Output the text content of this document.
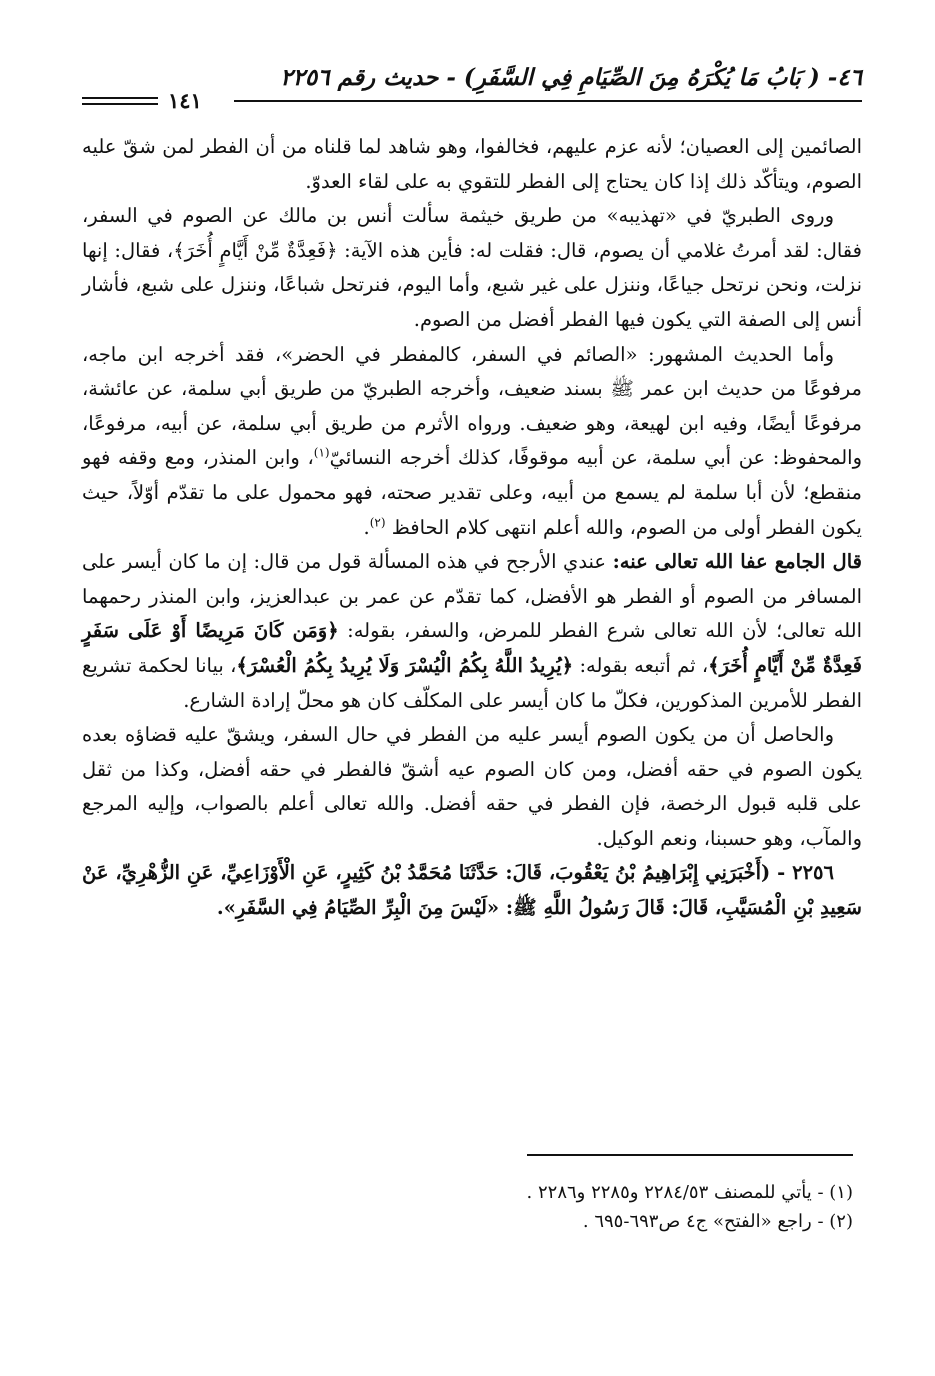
٤٦- ( بَابُ مَا يُكْرَهُ مِنَ الصِّيَامِ فِي السَّفَرِ) - حديث رقم ٢٢٥٦
١٤١

الصائمين إلى العصيان؛ لأنه عزم عليهم، فخالفوا، وهو شاهد لما قلناه من أن الفطر لمن شقّ عليه الصوم، ويتأكّد ذلك إذا كان يحتاج إلى الفطر للتقوي به على لقاء العدوّ.

وروى الطبريّ في «تهذيبه» من طريق خيثمة سألت أنس بن مالك عن الصوم في السفر، فقال: لقد أمرتُ غلامي أن يصوم، قال: فقلت له: فأين هذه الآية: ﴿فَعِدَّةٌ مِّنْ أَيَّامٍ أُخَرَ﴾، فقال: إنها نزلت، ونحن نرتحل جياعًا، وننزل على غير شبع، وأما اليوم، فنرتحل شباعًا، وننزل على شبع، فأشار أنس إلى الصفة التي يكون فيها الفطر أفضل من الصوم.

وأما الحديث المشهور: «الصائم في السفر، كالمفطر في الحضر»، فقد أخرجه ابن ماجه، مرفوعًا من حديث ابن عمر ﷺ بسند ضعيف، وأخرجه الطبريّ من طريق أبي سلمة، عن عائشة، مرفوعًا أيضًا، وفيه ابن لهيعة، وهو ضعيف. ورواه الأثرم من طريق أبي سلمة، عن أبيه، مرفوعًا، والمحفوظ: عن أبي سلمة، عن أبيه موقوفًا، كذلك أخرجه النسائيّ$^{(١)}$، وابن المنذر، ومع وقفه فهو منقطع؛ لأن أبا سلمة لم يسمع من أبيه، وعلى تقدير صحته، فهو محمول على ما تقدّم أوّلاً، حيث يكون الفطر أولى من الصوم، والله أعلم انتهى كلام الحافظ $^{(٢)}$.

قال الجامع عفا الله تعالى عنه: عندي الأرجح في هذه المسألة قول من قال: إن ما كان أيسر على المسافر من الصوم أو الفطر هو الأفضل، كما تقدّم عن عمر بن عبدالعزيز، وابن المنذر رحمهما الله تعالى؛ لأن الله تعالى شرع الفطر للمرض، والسفر، بقوله: ﴿وَمَن كَانَ مَرِيضًا أَوْ عَلَى سَفَرٍ فَعِدَّةٌ مِّنْ أَيَّامٍ أُخَرَ﴾، ثم أتبعه بقوله: ﴿يُرِيدُ اللَّهُ بِكُمُ الْيُسْرَ وَلَا يُرِيدُ بِكُمُ الْعُسْرَ﴾، بيانا لحكمة تشريع الفطر للأمرين المذكورين، فكلّ ما كان أيسر على المكلّف كان هو محلّ إرادة الشارع.

والحاصل أن من يكون الصوم أيسر عليه من الفطر في حال السفر، ويشقّ عليه قضاؤه بعده يكون الصوم في حقه أفضل، ومن كان الصوم عيه أشقّ فالفطر في حقه أفضل، وكذا من ثقل على قلبه قبول الرخصة، فإن الفطر في حقه أفضل. والله تعالى أعلم بالصواب، وإليه المرجع والمآب، وهو حسبنا، ونعم الوكيل.

٢٢٥٦ - (أَخْبَرَنِي إِبْرَاهِيمُ بْنُ يَعْقُوبَ، قَالَ: حَدَّثَنَا مُحَمَّدُ بْنُ كَثِيرٍ، عَنِ الْأَوْزَاعِيِّ، عَنِ الزُّهْرِيِّ، عَنْ سَعِيدِ بْنِ الْمُسَيَّبِ، قَالَ: قَالَ رَسُولُ اللَّهِ ﷺ: «لَيْسَ مِنَ الْبِرِّ الصِّيَامُ فِي السَّفَرِ».

(١) - يأتي للمصنف ٢٢٨٤/٥٣ و٢٢٨٥ و٢٢٨٦ .

(٢) - راجع «الفتح» ج٤ ص٦٩٣-٦٩٥ .
